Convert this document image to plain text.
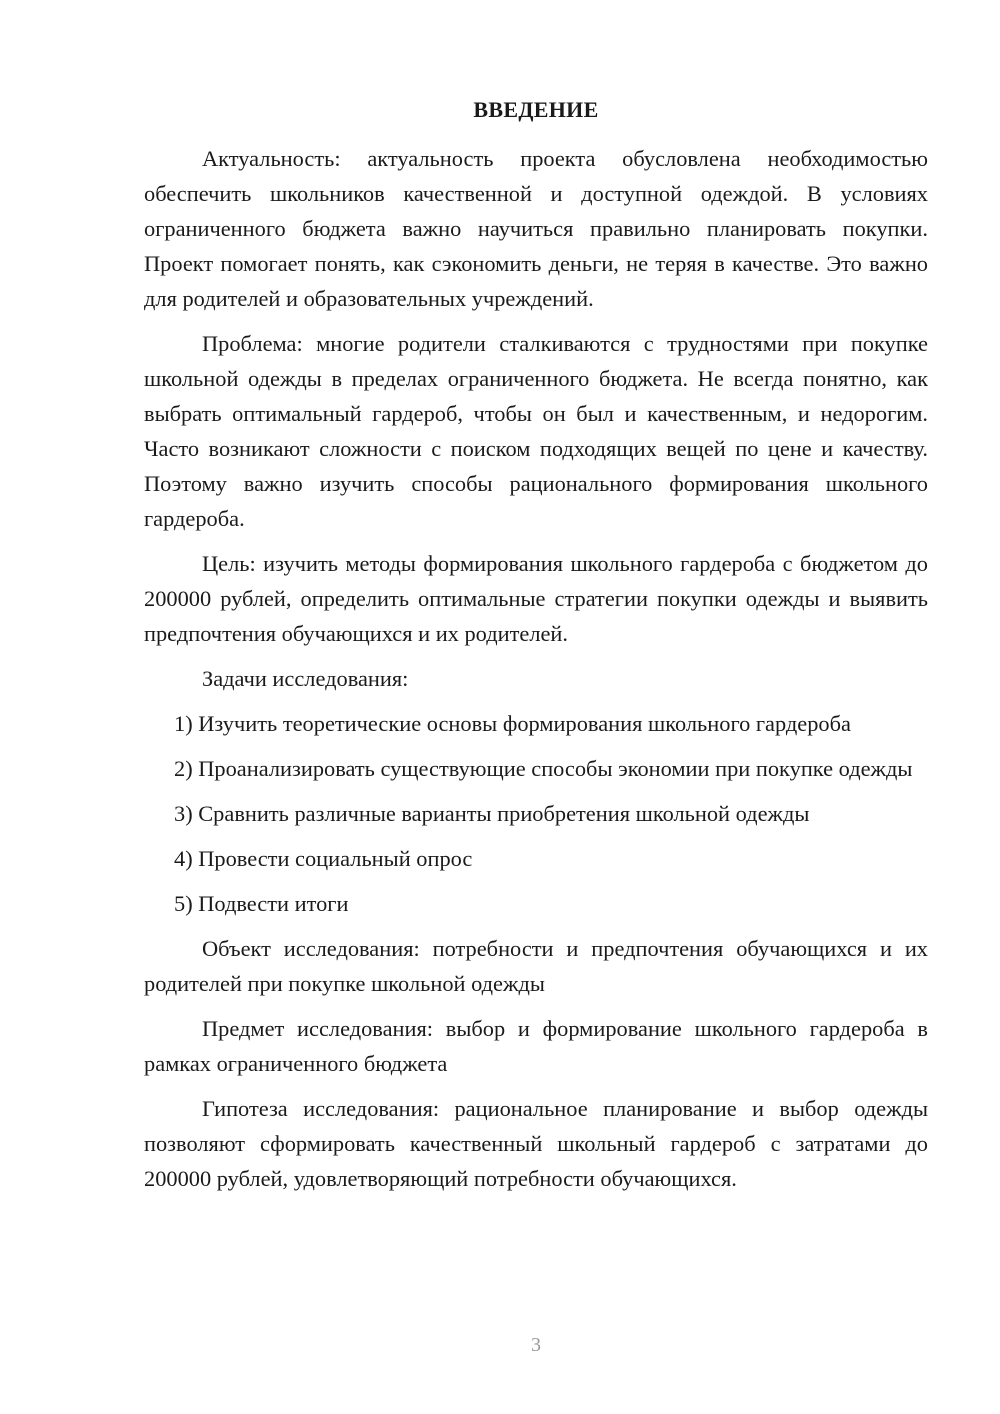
ВВЕДЕНИЕ

Актуальность: актуальность проекта обусловлена необходимостью обеспечить школьников качественной и доступной одеждой. В условиях ограниченного бюджета важно научиться правильно планировать покупки. Проект помогает понять, как сэкономить деньги, не теряя в качестве. Это важно для родителей и образовательных учреждений.

Проблема: многие родители сталкиваются с трудностями при покупке школьной одежды в пределах ограниченного бюджета. Не всегда понятно, как выбрать оптимальный гардероб, чтобы он был и качественным, и недорогим. Часто возникают сложности с поиском подходящих вещей по цене и качеству. Поэтому важно изучить способы рационального формирования школьного гардероба.

Цель: изучить методы формирования школьного гардероба с бюджетом до 200000 рублей, определить оптимальные стратегии покупки одежды и выявить предпочтения обучающихся и их родителей.

Задачи исследования:

1) Изучить теоретические основы формирования школьного гардероба

2) Проанализировать существующие способы экономии при покупке одежды

3) Сравнить различные варианты приобретения школьной одежды

4) Провести социальный опрос

5) Подвести итоги

Объект исследования: потребности и предпочтения обучающихся и их родителей при покупке школьной одежды

Предмет исследования: выбор и формирование школьного гардероба в рамках ограниченного бюджета

Гипотеза исследования: рациональное планирование и выбор одежды позволяют сформировать качественный школьный гардероб с затратами до 200000 рублей, удовлетворяющий потребности обучающихся.

3
